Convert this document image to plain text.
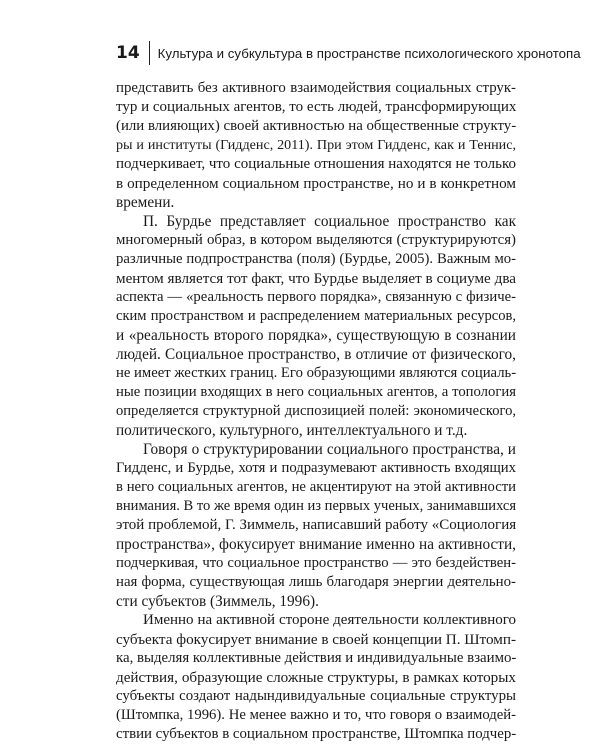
14 Культура и субкультура в пространстве психологического хронотопа

представить без активного взаимодействия социальных струк-
тур и социальных агентов, то есть людей, трансформирующих
(или влияющих) своей активностью на общественные структу-
ры и институты (Гидденс, 2011). При этом Гидденс, как и Теннис,
подчеркивает, что социальные отношения находятся не только
в определенном социальном пространстве, но и в конкретном
времени.

П. Бурдье представляет социальное пространство как
многомерный образ, в котором выделяются (структурируются)
различные подпространства (поля) (Бурдье, 2005). Важным мо-
ментом является тот факт, что Бурдье выделяет в социуме два
аспекта — «реальность первого порядка», связанную с физиче-
ским пространством и распределением материальных ресурсов,
и «реальность второго порядка», существующую в сознании
людей. Социальное пространство, в отличие от физического,
не имеет жестких границ. Его образующими являются социаль-
ные позиции входящих в него социальных агентов, а топология
определяется структурной диспозицией полей: экономического,
политического, культурного, интеллектуального и т.д.

Говоря о структурировании социального пространства, и
Гидденс, и Бурдье, хотя и подразумевают активность входящих
в него социальных агентов, не акцентируют на этой активности
внимания. В то же время один из первых ученых, занимавшихся
этой проблемой, Г. Зиммель, написавший работу «Социология
пространства», фокусирует внимание именно на активности,
подчеркивая, что социальное пространство — это бездействен-
ная форма, существующая лишь благодаря энергии деятельно-
сти субъектов (Зиммель, 1996).

Именно на активной стороне деятельности коллективного
субъекта фокусирует внимание в своей концепции П. Штомп-
ка, выделяя коллективные действия и индивидуальные взаимо-
действия, образующие сложные структуры, в рамках которых
субъекты создают надындивидуальные социальные структуры
(Штомпка, 1996). Не менее важно и то, что говоря о взаимодей-
ствии субъектов в социальном пространстве, Штомпка подчер-
